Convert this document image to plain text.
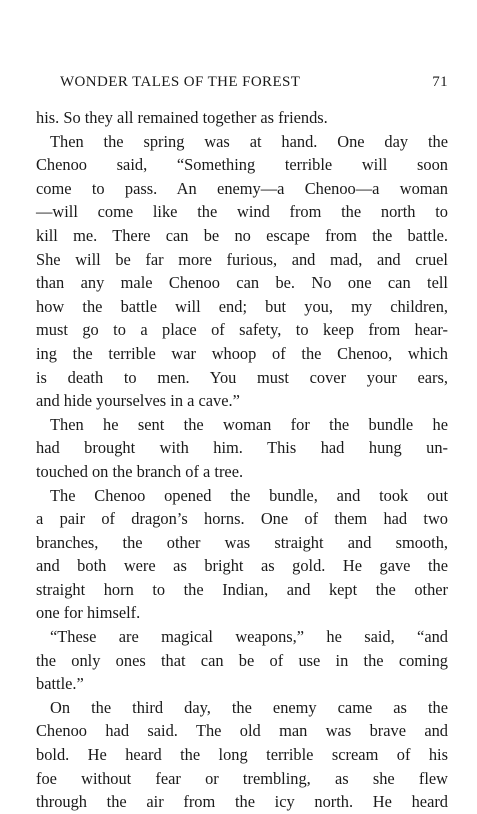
WONDER TALES OF THE FOREST	71
his. So they all remained together as friends.
Then the spring was at hand. One day the
Chenoo said, “Something terrible will soon
come to pass. An enemy—a Chenoo—a woman
—will come like the wind from the north to
kill me. There can be no escape from the battle.
She will be far more furious, and mad, and cruel
than any male Chenoo can be. No one can tell
how the battle will end; but you, my children,
must go to a place of safety, to keep from hear-
ing the terrible war whoop of the Chenoo, which
is death to men. You must cover your ears,
and hide yourselves in a cave.”
Then he sent the woman for the bundle he
had brought with him. This had hung un-
touched on the branch of a tree.
The Chenoo opened the bundle, and took out
a pair of dragon’s horns. One of them had two
branches, the other was straight and smooth,
and both were as bright as gold. He gave the
straight horn to the Indian, and kept the other
one for himself.
“These are magical weapons,” he said, “and
the only ones that can be of use in the coming
battle.”
On the third day, the enemy came as the
Chenoo had said. The old man was brave and
bold. He heard the long terrible scream of his
foe without fear or trembling, as she flew
through the air from the icy north. He heard
